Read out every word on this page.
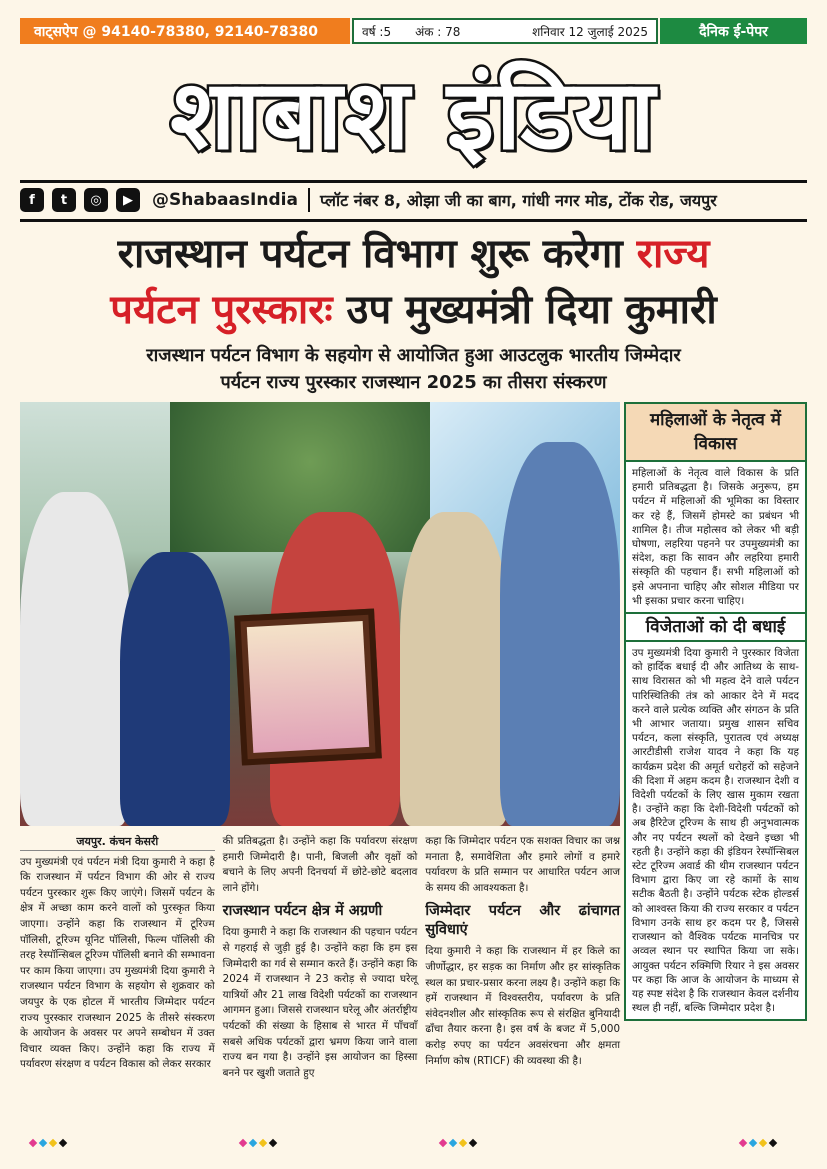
वाट्सऐप @ 94140-78380, 92140-78380	वर्ष :5 अंक : 78	शनिवार 12 जुलाई 2025	दैनिक ई-पेपर
शाबाश इंडिया
f	t	◎	▶	@ShabaasIndia प्लॉट नंबर 8, ओझा जी का बाग, गांधी नगर मोड, टोंक रोड, जयपुर
राजस्थान पर्यटन विभाग शुरू करेगा राज्य
पर्यटन पुरस्कारः उप मुख्यमंत्री दिया कुमारी
राजस्थान पर्यटन विभाग के सहयोग से आयोजित हुआ आउटलुक भारतीय जिम्मेदार
पर्यटन राज्य पुरस्कार राजस्थान 2025 का तीसरा संस्करण
महिलाओं के नेतृत्व में विकास
महिलाओं के नेतृत्व वाले विकास के प्रति हमारी प्रतिबद्धता है। जिसके अनुरूप, हम पर्यटन में महिलाओं की भूमिका का विस्तार कर रहे हैं, जिसमें होमस्टे का प्रबंधन भी शामिल है। तीज महोत्सव को लेकर भी बड़ी घोषणा, लहरिया पहनने पर उपमुख्यमंत्री का संदेश, कहा कि सावन और लहरिया हमारी संस्कृति की पहचान हैं। सभी महिलाओं को इसे अपनाना चाहिए और सोशल मीडिया पर भी इसका प्रचार करना चाहिए।
विजेताओं को दी बधाई
उप मुख्यमंत्री दिया कुमारी ने पुरस्कार विजेता को हार्दिक बधाई दी और आतिथ्य के साथ-साथ विरासत को भी महत्व देने वाले पर्यटन पारिस्थितिकी तंत्र को आकार देने में मदद करने वाले प्रत्येक व्यक्ति और संगठन के प्रति भी आभार जताया। प्रमुख शासन सचिव पर्यटन, कला संस्कृति, पुरातत्व एवं अध्यक्ष आरटीडीसी राजेश यादव ने कहा कि यह कार्यक्रम प्रदेश की अमूर्त धरोहरों को सहेजने की दिशा में अहम कदम है। राजस्थान देशी व विदेशी पर्यटकों के लिए खास मुकाम रखता है। उन्होंने कहा कि देशी-विदेशी पर्यटकों को अब हैरिटेज टूरिज्म के साथ ही अनुभवात्मक और नए पर्यटन स्थलों को देखने इच्छा भी रहती है। उन्होंने कहा की इंडियन रेस्पॉन्सिबल स्टेट टूरिज्म अवार्ड की थीम राजस्थान पर्यटन विभाग द्वारा किए जा रहे कामों के साथ सटीक बैठती है। उन्होंने पर्यटक स्टेक होल्डर्स को आश्वस्त किया की राज्य सरकार व पर्यटन विभाग उनके साथ हर कदम पर है, जिससे राजस्थान को वैश्विक पर्यटक मानचित्र पर अव्वल स्थान पर स्थापित किया जा सके। आयुक्त पर्यटन रुक्मिणि रियार ने इस अवसर पर कहा कि आज के आयोजन के माध्यम से यह स्पष्ट संदेश है कि राजस्थान केवल दर्शनीय स्थल ही नहीं, बल्कि जिम्मेदार प्रदेश है।
जयपुर. कंचन केसरी
उप मुख्यमंत्री एवं पर्यटन मंत्री दिया कुमारी ने कहा है कि राजस्थान में पर्यटन विभाग की ओर से राज्य पर्यटन पुरस्कार शुरू किए जाएंगे। जिसमें पर्यटन के क्षेत्र में अच्छा काम करने वालों को पुरस्कृत किया जाएगा। उन्होंने कहा कि राजस्थान में टूरिज्म पॉलिसी, टूरिज्म यूनिट पॉलिसी, फिल्म पॉलिसी की तरह रेस्पॉन्सिबल टूरिज्म पॉलिसी बनाने की सम्भावना पर काम किया जाएगा। उप मुख्यमंत्री दिया कुमारी ने राजस्थान पर्यटन विभाग के सहयोग से शुक्रवार को जयपुर के एक होटल में भारतीय जिम्मेदार पर्यटन राज्य पुरस्कार राजस्थान 2025 के तीसरे संस्करण के आयोजन के अवसर पर अपने सम्बोधन में उक्त विचार व्यक्त किए। उन्होंने कहा कि राज्य में पर्यावरण संरक्षण व पर्यटन विकास को लेकर सरकार
की प्रतिबद्धता है। उन्होंने कहा कि पर्यावरण संरक्षण हमारी जिम्मेदारी है। पानी, बिजली और वृक्षों को बचाने के लिए अपनी दिनचर्या में छोटे-छोटे बदलाव लाने होंगे।
राजस्थान पर्यटन क्षेत्र में अग्रणी
दिया कुमारी ने कहा कि राजस्थान की पहचान पर्यटन से गहराई से जुड़ी हुई है। उन्होंने कहा कि हम इस जिम्मेदारी का गर्व से सम्मान करते हैं। उन्होंने कहा कि 2024 में राजस्थान ने 23 करोड़ से ज्यादा घरेलू यात्रियों और 21 लाख विदेशी पर्यटकों का राजस्थान आगमन हुआ। जिससे राजस्थान घरेलू और अंतर्राष्ट्रीय पर्यटकों की संख्या के हिसाब से भारत में पाँचवाँ सबसे अधिक पर्यटकों द्वारा भ्रमण किया जाने वाला राज्य बन गया है। उन्होंने इस आयोजन का हिस्सा बनने पर खुशी जताते हुए
कहा कि जिम्मेदार पर्यटन एक सशक्त विचार का जश्न मनाता है, समावेशिता और हमारे लोगों व हमारे पर्यावरण के प्रति सम्मान पर आधारित पर्यटन आज के समय की आवश्यकता है।
जिम्मेदार पर्यटन और ढांचागत सुविधाएं
दिया कुमारी ने कहा कि राजस्थान में हर किले का जीर्णोद्धार, हर सड़क का निर्माण और हर सांस्कृतिक स्थल का प्रचार-प्रसार करना लक्ष्य है। उन्होंने कहा कि हमें राजस्थान में विश्वस्तरीय, पर्यावरण के प्रति संवेदनशील और सांस्कृतिक रूप से संरक्षित बुनियादी ढाँचा तैयार करना है। इस वर्ष के बजट में 5,000 करोड़ रुपए का पर्यटन अवसंरचना और क्षमता निर्माण कोष (RTICF) की व्यवस्था की है।
